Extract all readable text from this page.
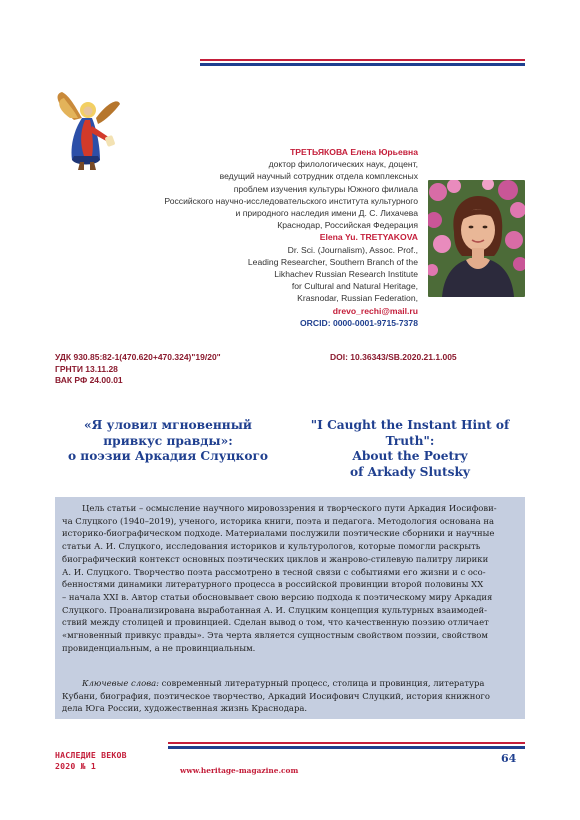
ТРЕТЬЯКОВА Елена Юрьевна
доктор филологических наук, доцент,
ведущий научный сотрудник отдела комплексных
проблем изучения культуры Южного филиала
Российского научно-исследовательского института культурного
и природного наследия имени Д. С. Лихачева
Краснодар, Российская Федерация
Elena Yu. TRETYAKOVA
Dr. Sci. (Journalism), Assoc. Prof.,
Leading Researcher, Southern Branch of the
Likhachev Russian Research Institute
for Cultural and Natural Heritage,
Krasnodar, Russian Federation,
drevo_rechi@mail.ru
ORCID: 0000-0001-9715-7378
УДК 930.85:82-1(470.620+470.324)"19/20"
ГРНТИ 13.11.28
ВАК РФ 24.00.01
DOI: 10.36343/SB.2020.21.1.005
«Я уловил мгновенный
привкус правды»:
о поэзии Аркадия Слуцкого
"I Caught the Instant Hint of Truth":
About the Poetry
of Arkady Slutsky
Цель статьи – осмысление научного мировоззрения и творческого пути Аркадия Иосифови-
ча Слуцкого (1940–2019), ученого, историка книги, поэта и педагога. Методология основана на
историко-биографическом подходе. Материалами послужили поэтические сборники и научные
статьи А. И. Слуцкого, исследования историков и культурологов, которые помогли раскрыть
биографический контекст основных поэтических циклов и жанрово-стилевую палитру лирики
А. И. Слуцкого. Творчество поэта рассмотрено в тесной связи с событиями его жизни и с осо-
бенностями динамики литературного процесса в российской провинции второй половины ХХ
– начала XXI в. Автор статьи обосновывает свою версию подхода к поэтическому миру Аркадия
Слуцкого. Проанализирована выработанная А. И. Слуцким концепция культурных взаимодей-
ствий между столицей и провинцией. Сделан вывод о том, что качественную поэзию отличает
«мгновенный привкус правды». Эта черта является сущностным свойством поэзии, свойством
провиденциальным, а не провинциальным.
Ключевые слова: современный литературный процесс, столица и провинция, литература
Кубани, биография, поэтическое творчество, Аркадий Иосифович Слуцкий, история книжного
дела Юга России, художественная жизнь Краснодара.
НАСЛЕДИЕ ВЕКОВ
2020 № 1	www.heritage-magazine.com
64
